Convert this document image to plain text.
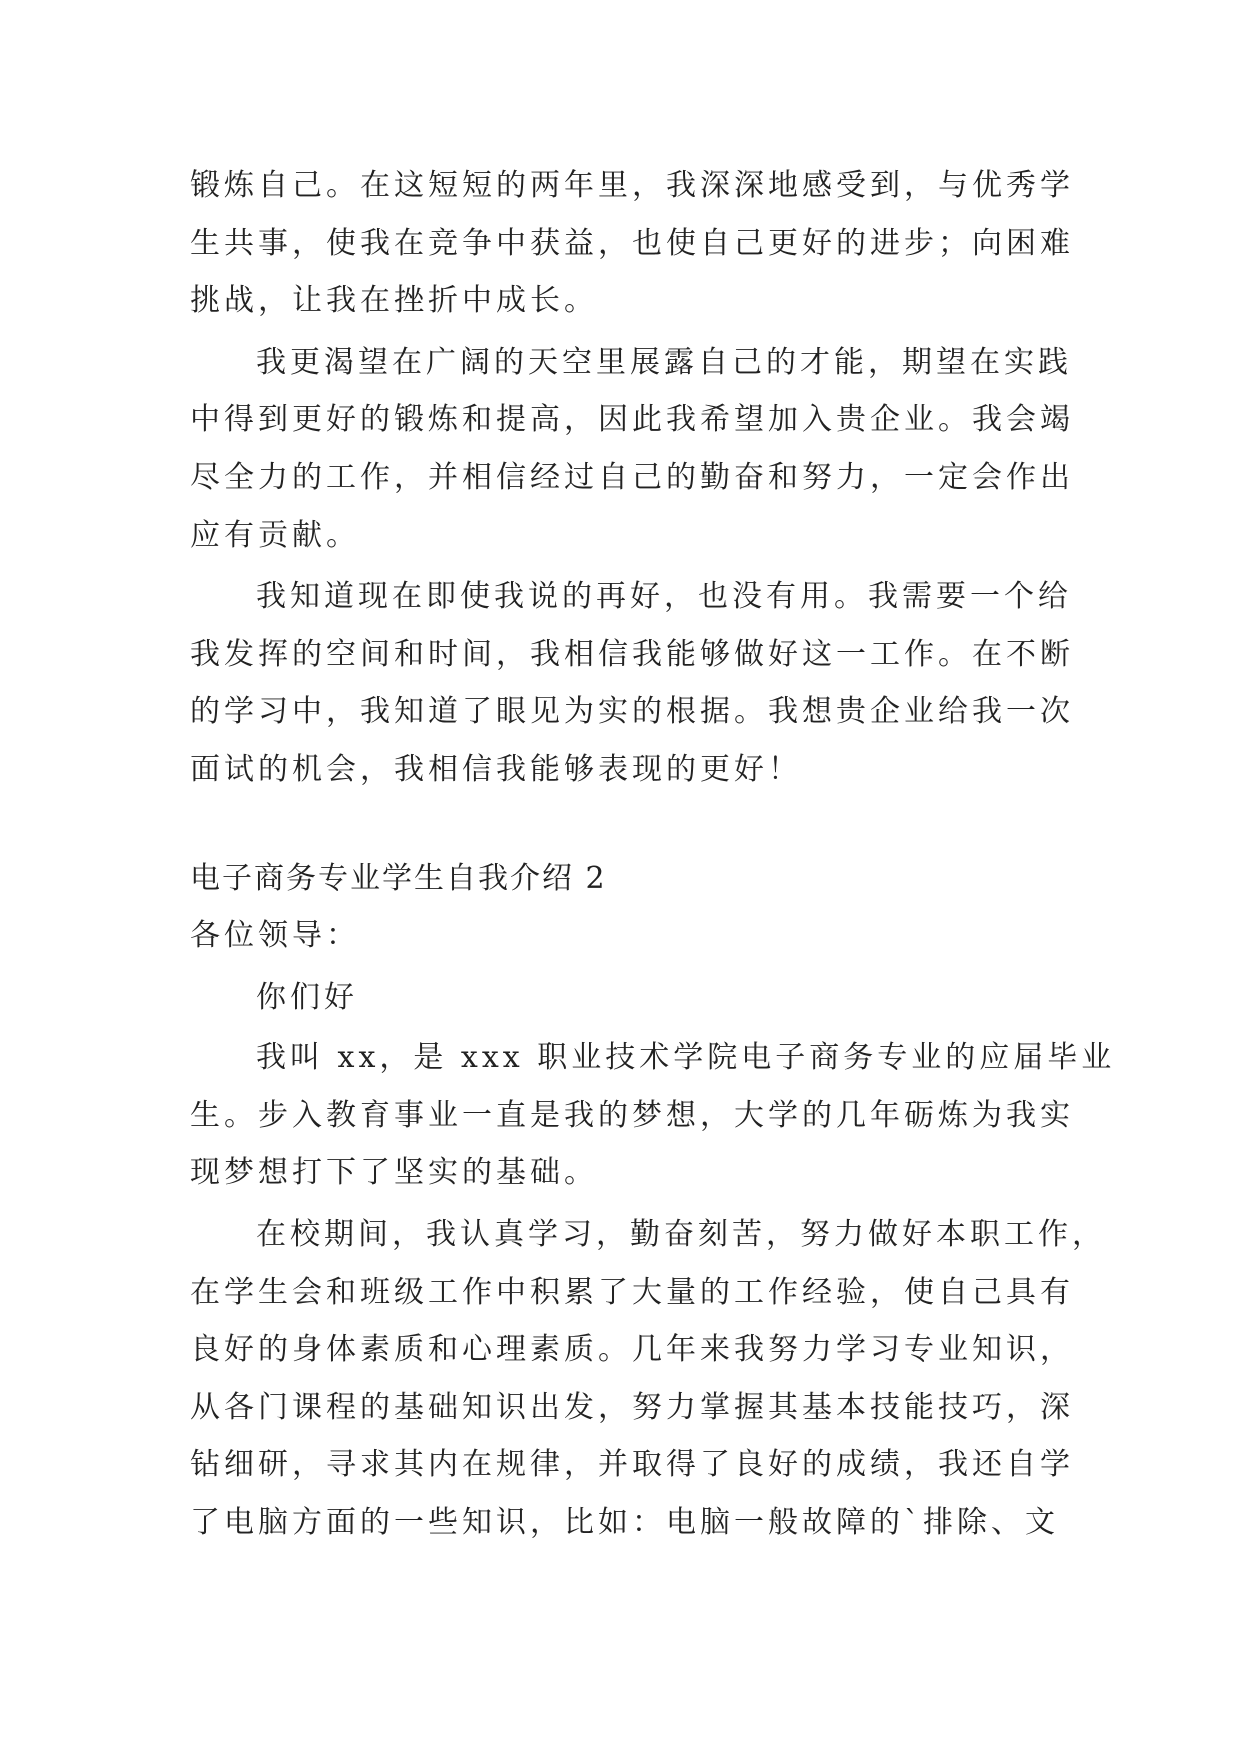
锻炼自己。在这短短的两年里，我深深地感受到，与优秀学

生共事，使我在竞争中获益，也使自己更好的进步；向困难

挑战，让我在挫折中成长。

我更渴望在广阔的天空里展露自己的才能，期望在实践

中得到更好的锻炼和提高，因此我希望加入贵企业。我会竭

尽全力的工作，并相信经过自己的勤奋和努力，一定会作出

应有贡献。

我知道现在即使我说的再好，也没有用。我需要一个给

我发挥的空间和时间，我相信我能够做好这一工作。在不断

的学习中，我知道了眼见为实的根据。我想贵企业给我一次

面试的机会，我相信我能够表现的更好！

电子商务专业学生自我介绍 2

各位领导：

你们好

我叫 xx，是 xxx 职业技术学院电子商务专业的应届毕业

生。步入教育事业一直是我的梦想，大学的几年砺炼为我实

现梦想打下了坚实的基础。

在校期间，我认真学习，勤奋刻苦，努力做好本职工作，

在学生会和班级工作中积累了大量的工作经验，使自己具有

良好的身体素质和心理素质。几年来我努力学习专业知识，

从各门课程的基础知识出发，努力掌握其基本技能技巧，深

钻细研，寻求其内在规律，并取得了良好的成绩，我还自学

了电脑方面的一些知识，比如：电脑一般故障的`排除、文
